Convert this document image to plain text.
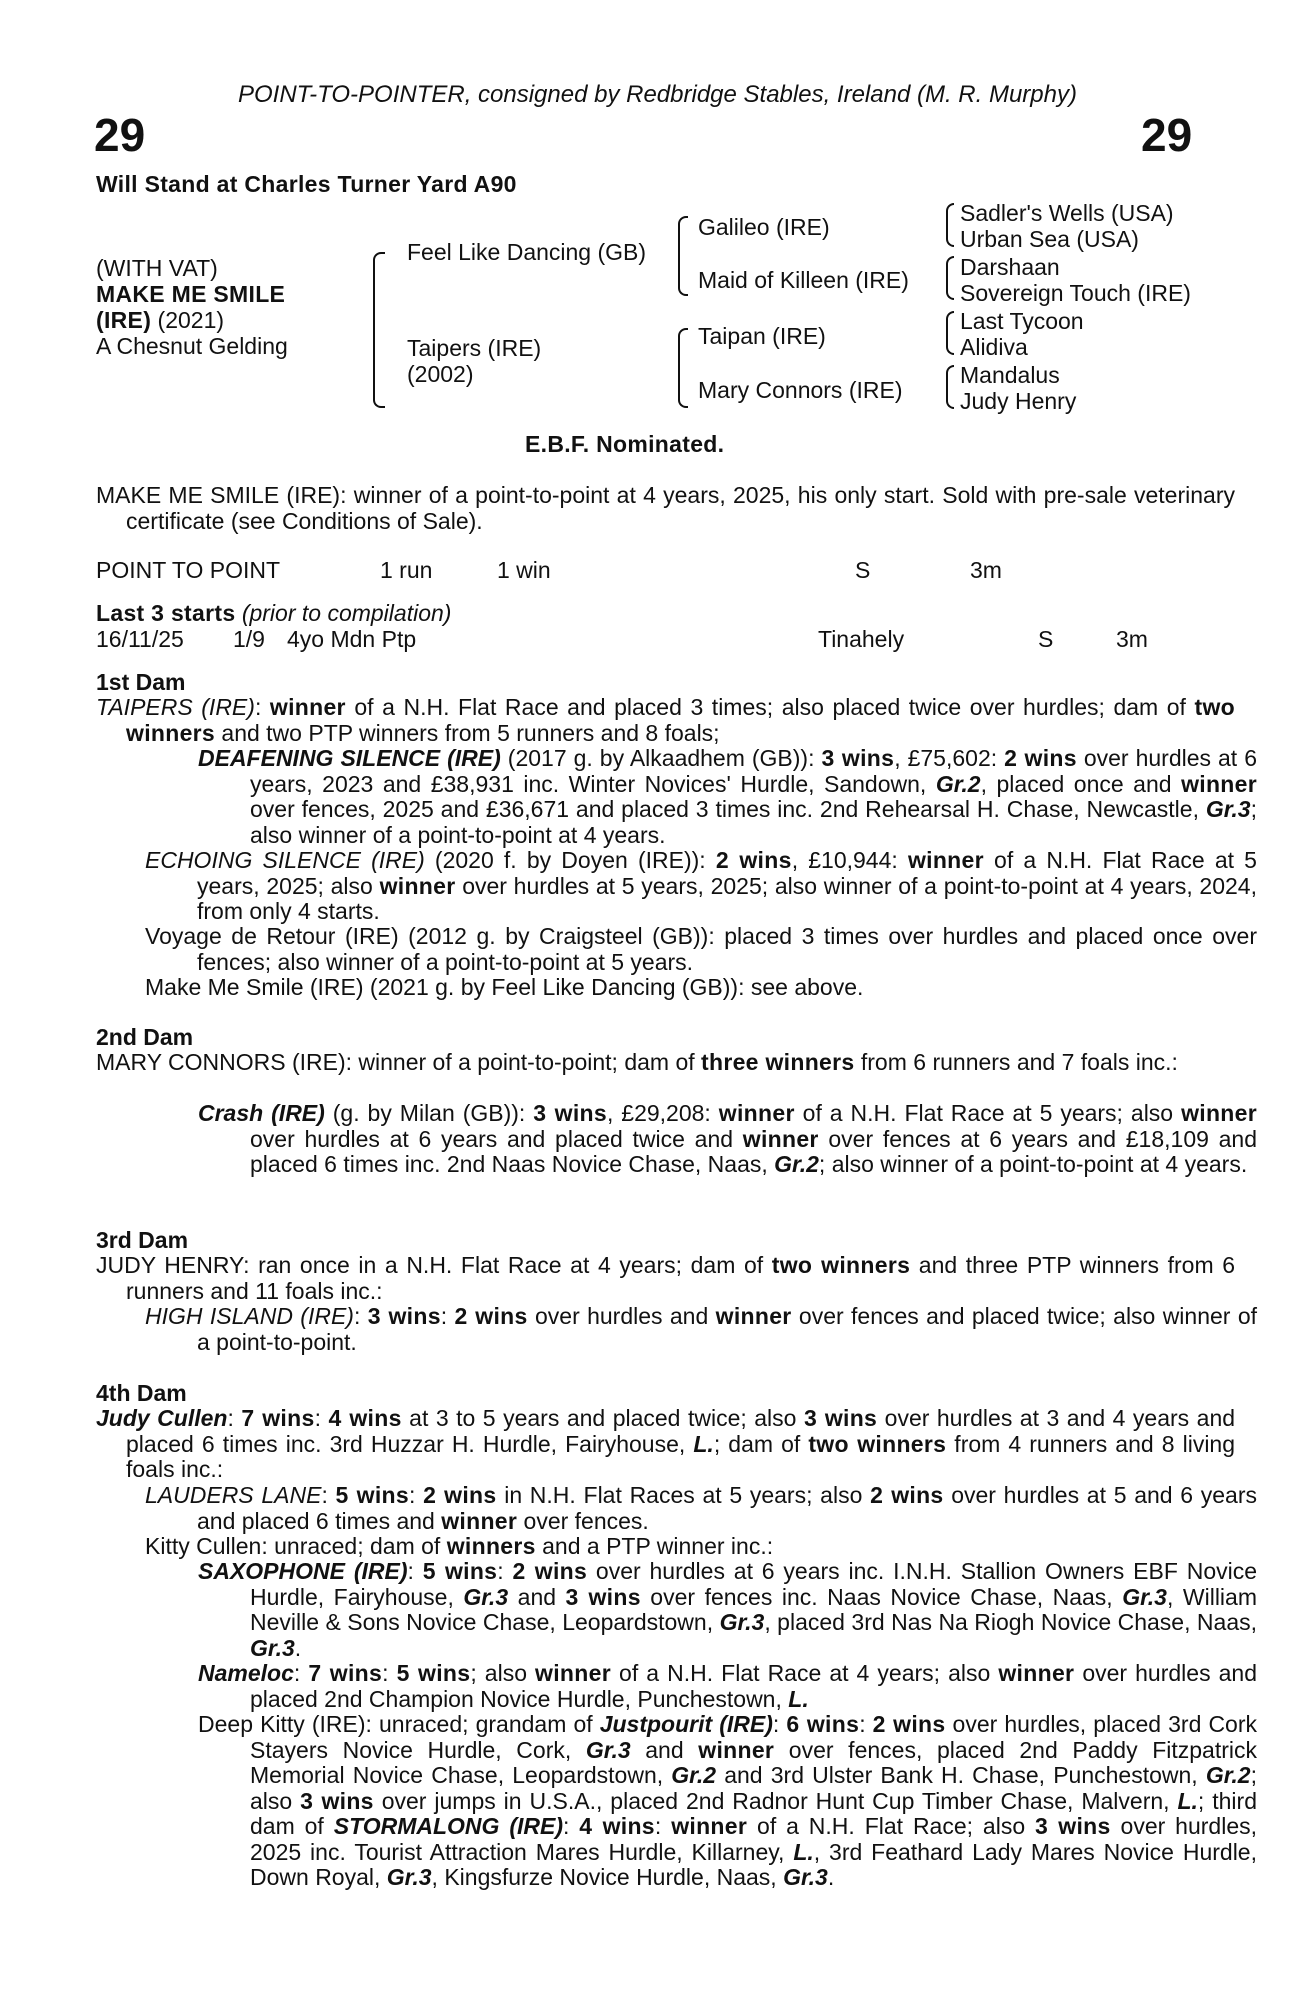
POINT-TO-POINTER, consigned by Redbridge Stables, Ireland (M. R. Murphy)
29	29
Will Stand at Charles Turner Yard A90
(WITH VAT)
MAKE ME SMILE
(IRE) (2021)
A Chesnut Gelding
Feel Like Dancing (GB)
Taipers (IRE)
(2002)
Galileo (IRE)
Maid of Killeen (IRE)
Taipan (IRE)
Mary Connors (IRE)
Sadler's Wells (USA)
Urban Sea (USA)
Darshaan
Sovereign Touch (IRE)
Last Tycoon
Alidiva
Mandalus
Judy Henry
E.B.F. Nominated.
MAKE ME SMILE (IRE): winner of a point-to-point at 4 years, 2025, his only start. Sold with pre-sale veterinary certificate (see Conditions of Sale).
POINT TO POINT	1 run	1 win	S	3m
Last 3 starts (prior to compilation)
16/11/25 1/9 4yo Mdn Ptp	Tinahely	S	3m
1st Dam
TAIPERS (IRE): winner of a N.H. Flat Race and placed 3 times; also placed twice over hurdles; dam of two winners and two PTP winners from 5 runners and 8 foals;
DEAFENING SILENCE (IRE) (2017 g. by Alkaadhem (GB)): 3 wins, £75,602: 2 wins over hurdles at 6 years, 2023 and £38,931 inc. Winter Novices' Hurdle, Sandown, Gr.2, placed once and winner over fences, 2025 and £36,671 and placed 3 times inc. 2nd Rehearsal H. Chase, Newcastle, Gr.3; also winner of a point-to-point at 4 years.
ECHOING SILENCE (IRE) (2020 f. by Doyen (IRE)): 2 wins, £10,944: winner of a N.H. Flat Race at 5 years, 2025; also winner over hurdles at 5 years, 2025; also winner of a point-to-point at 4 years, 2024, from only 4 starts.
Voyage de Retour (IRE) (2012 g. by Craigsteel (GB)): placed 3 times over hurdles and placed once over fences; also winner of a point-to-point at 5 years.
Make Me Smile (IRE) (2021 g. by Feel Like Dancing (GB)): see above.
2nd Dam
MARY CONNORS (IRE): winner of a point-to-point; dam of three winners from 6 runners and 7 foals inc.:
Crash (IRE) (g. by Milan (GB)): 3 wins, £29,208: winner of a N.H. Flat Race at 5 years; also winner over hurdles at 6 years and placed twice and winner over fences at 6 years and £18,109 and placed 6 times inc. 2nd Naas Novice Chase, Naas, Gr.2; also winner of a point-to-point at 4 years.
3rd Dam
JUDY HENRY: ran once in a N.H. Flat Race at 4 years; dam of two winners and three PTP winners from 6 runners and 11 foals inc.:
HIGH ISLAND (IRE): 3 wins: 2 wins over hurdles and winner over fences and placed twice; also winner of a point-to-point.
4th Dam
Judy Cullen: 7 wins: 4 wins at 3 to 5 years and placed twice; also 3 wins over hurdles at 3 and 4 years and placed 6 times inc. 3rd Huzzar H. Hurdle, Fairyhouse, L.; dam of two winners from 4 runners and 8 living foals inc.:
LAUDERS LANE: 5 wins: 2 wins in N.H. Flat Races at 5 years; also 2 wins over hurdles at 5 and 6 years and placed 6 times and winner over fences.
Kitty Cullen: unraced; dam of winners and a PTP winner inc.:
SAXOPHONE (IRE): 5 wins: 2 wins over hurdles at 6 years inc. I.N.H. Stallion Owners EBF Novice Hurdle, Fairyhouse, Gr.3 and 3 wins over fences inc. Naas Novice Chase, Naas, Gr.3, William Neville & Sons Novice Chase, Leopardstown, Gr.3, placed 3rd Nas Na Riogh Novice Chase, Naas, Gr.3.
Nameloc: 7 wins: 5 wins; also winner of a N.H. Flat Race at 4 years; also winner over hurdles and placed 2nd Champion Novice Hurdle, Punchestown, L.
Deep Kitty (IRE): unraced; grandam of Justpourit (IRE): 6 wins: 2 wins over hurdles, placed 3rd Cork Stayers Novice Hurdle, Cork, Gr.3 and winner over fences, placed 2nd Paddy Fitzpatrick Memorial Novice Chase, Leopardstown, Gr.2 and 3rd Ulster Bank H. Chase, Punchestown, Gr.2; also 3 wins over jumps in U.S.A., placed 2nd Radnor Hunt Cup Timber Chase, Malvern, L.; third dam of STORMALONG (IRE): 4 wins: winner of a N.H. Flat Race; also 3 wins over hurdles, 2025 inc. Tourist Attraction Mares Hurdle, Killarney, L., 3rd Feathard Lady Mares Novice Hurdle, Down Royal, Gr.3, Kingsfurze Novice Hurdle, Naas, Gr.3.
